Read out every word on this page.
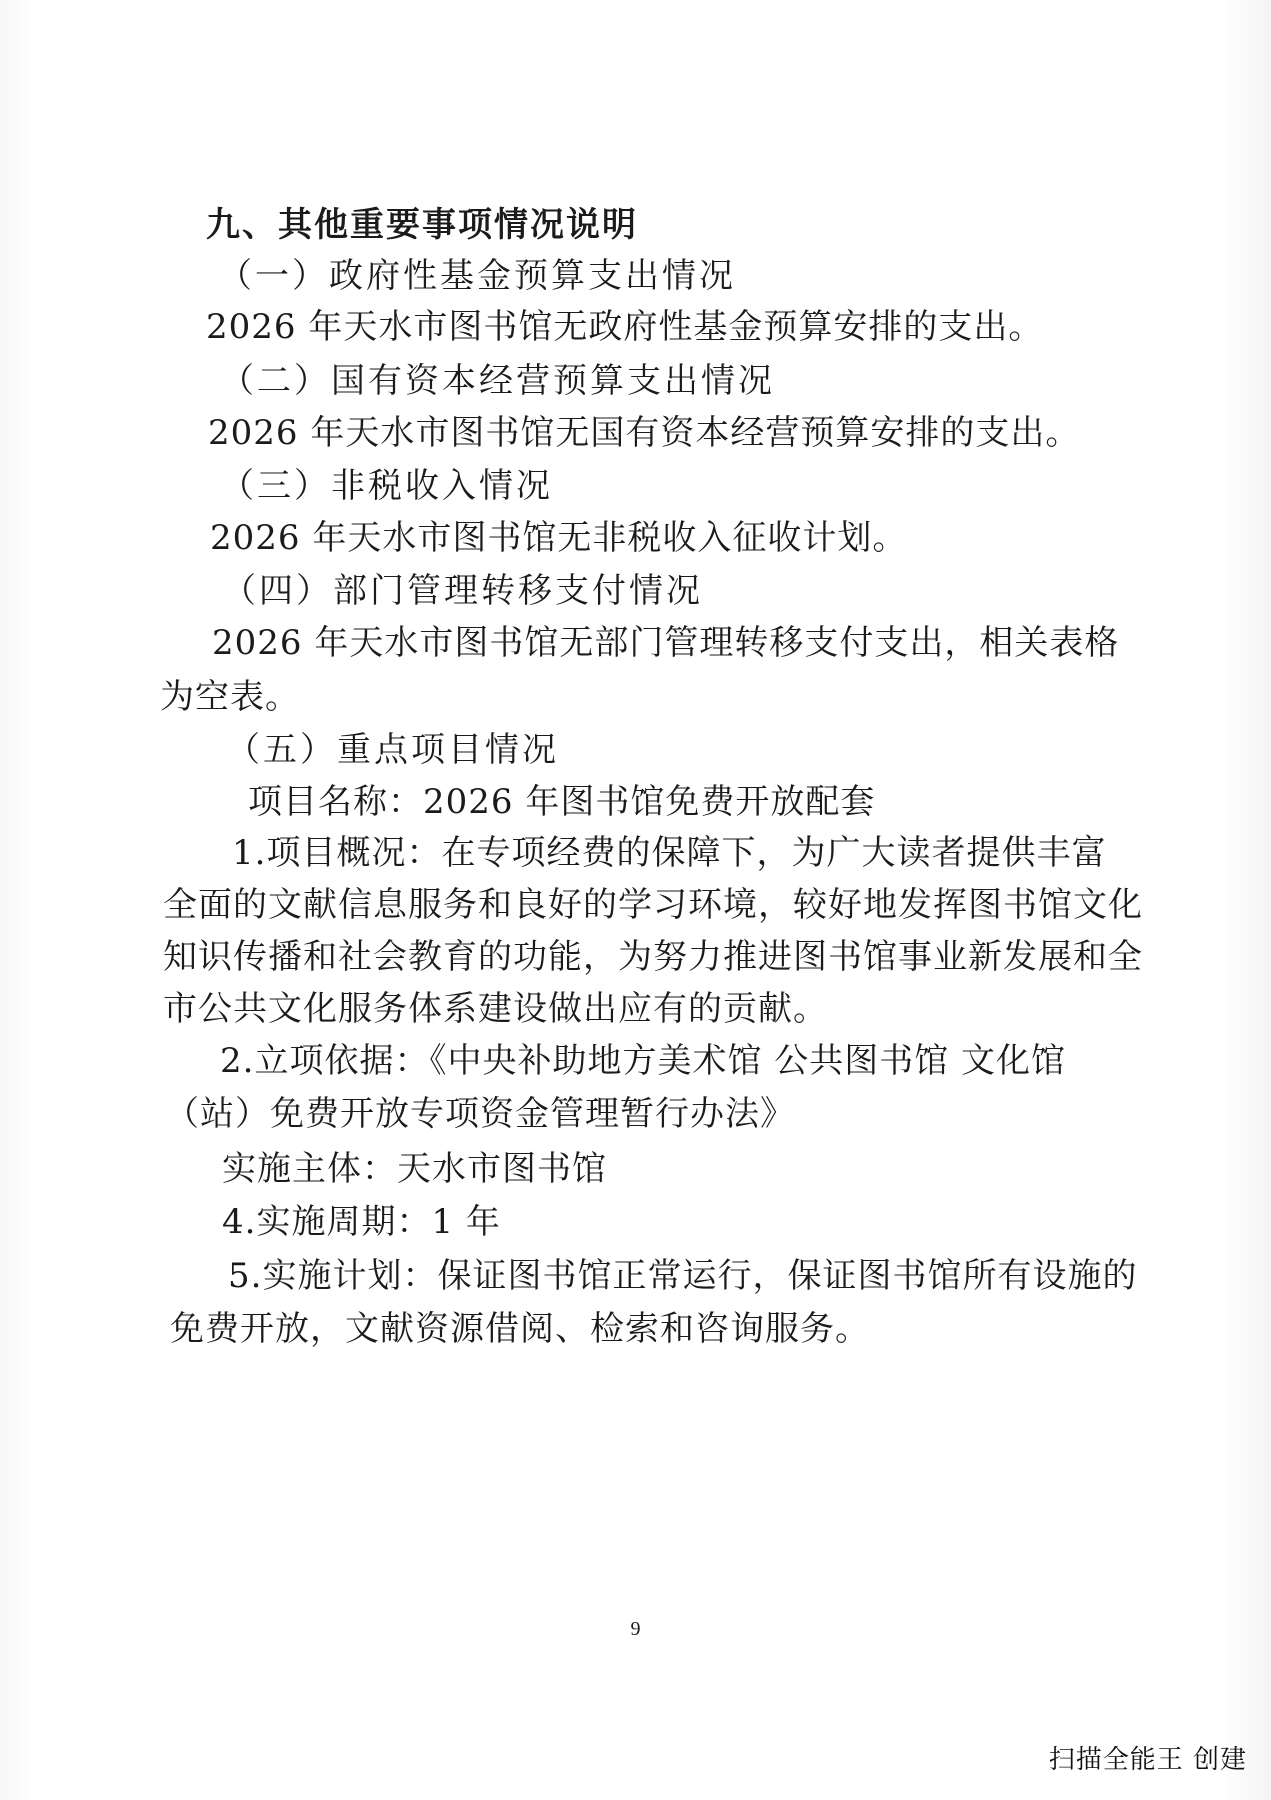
九、其他重要事项情况说明
（一）政府性基金预算支出情况
2026 年天水市图书馆无政府性基金预算安排的支出。
（二）国有资本经营预算支出情况
2026 年天水市图书馆无国有资本经营预算安排的支出。
（三）非税收入情况
2026 年天水市图书馆无非税收入征收计划。
（四）部门管理转移支付情况
2026 年天水市图书馆无部门管理转移支付支出，相关表格
为空表。
（五）重点项目情况
项目名称：2026 年图书馆免费开放配套
1.项目概况：在专项经费的保障下，为广大读者提供丰富
全面的文献信息服务和良好的学习环境，较好地发挥图书馆文化
知识传播和社会教育的功能，为努力推进图书馆事业新发展和全
市公共文化服务体系建设做出应有的贡献。
2.立项依据：《中央补助地方美术馆 公共图书馆 文化馆
（站）免费开放专项资金管理暂行办法》
实施主体：天水市图书馆
4.实施周期：1 年
5.实施计划：保证图书馆正常运行，保证图书馆所有设施的
免费开放，文献资源借阅、检索和咨询服务。
9
扫描全能王 创建
